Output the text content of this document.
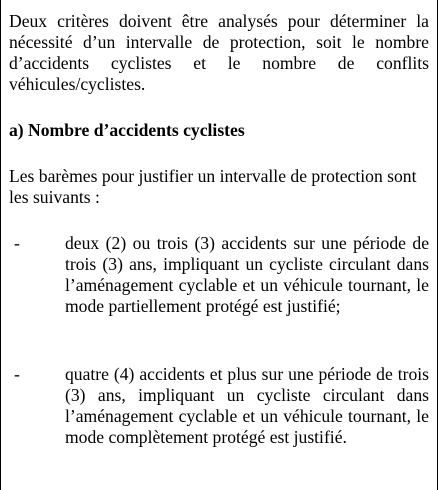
Deux critères doivent être analysés pour déterminer la nécessité d’un intervalle de protection, soit le nombre d’accidents cyclistes et le nombre de conflits véhicules/cyclistes.

a) Nombre d’accidents cyclistes

Les barèmes pour justifier un intervalle de protection sont les suivants :

-	deux (2) ou trois (3) accidents sur une période de trois (3) ans, impliquant un cycliste circulant dans l’aménagement cyclable et un véhicule tournant, le mode partiellement protégé est justifié;

-	quatre (4) accidents et plus sur une période de trois (3) ans, impliquant un cycliste circulant dans l’aménagement cyclable et un véhicule tournant, le mode complètement protégé est justifié.
